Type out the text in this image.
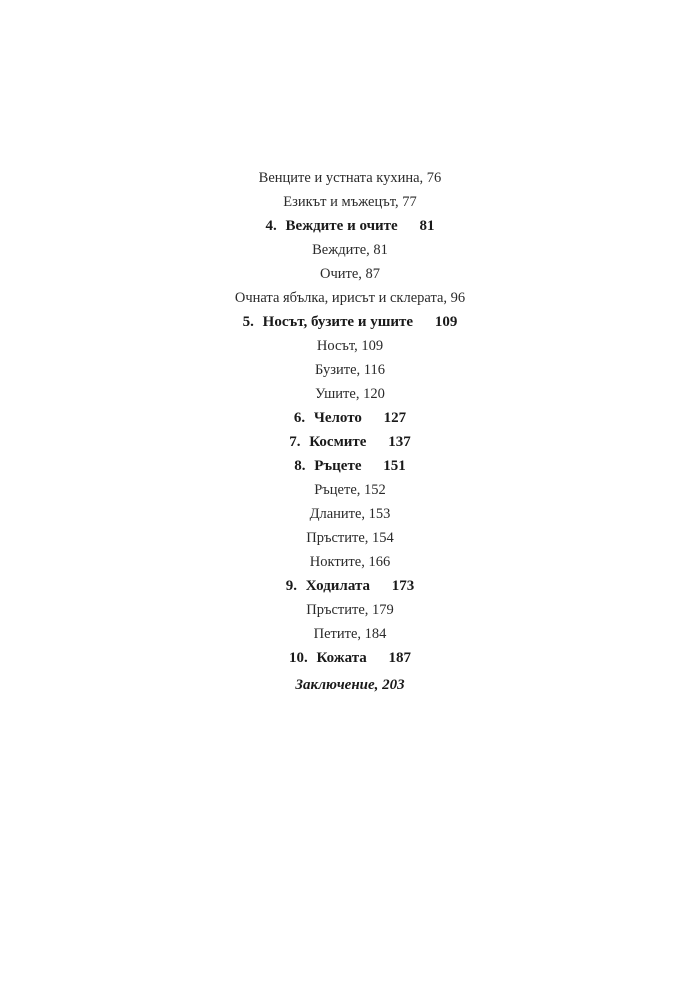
Венците и устната кухина, 76
Езикът и мъжецът, 77
4. Веждите и очите 81
Веждите, 81
Очите, 87
Очната ябълка, ирисът и склерата, 96
5. Носът, бузите и ушите 109
Носът, 109
Бузите, 116
Ушите, 120
6. Челото 127
7. Космите 137
8. Ръцете 151
Ръцете, 152
Дланите, 153
Пръстите, 154
Ноктите, 166
9. Ходилата 173
Пръстите, 179
Петите, 184
10. Кожата 187
Заключение, 203
